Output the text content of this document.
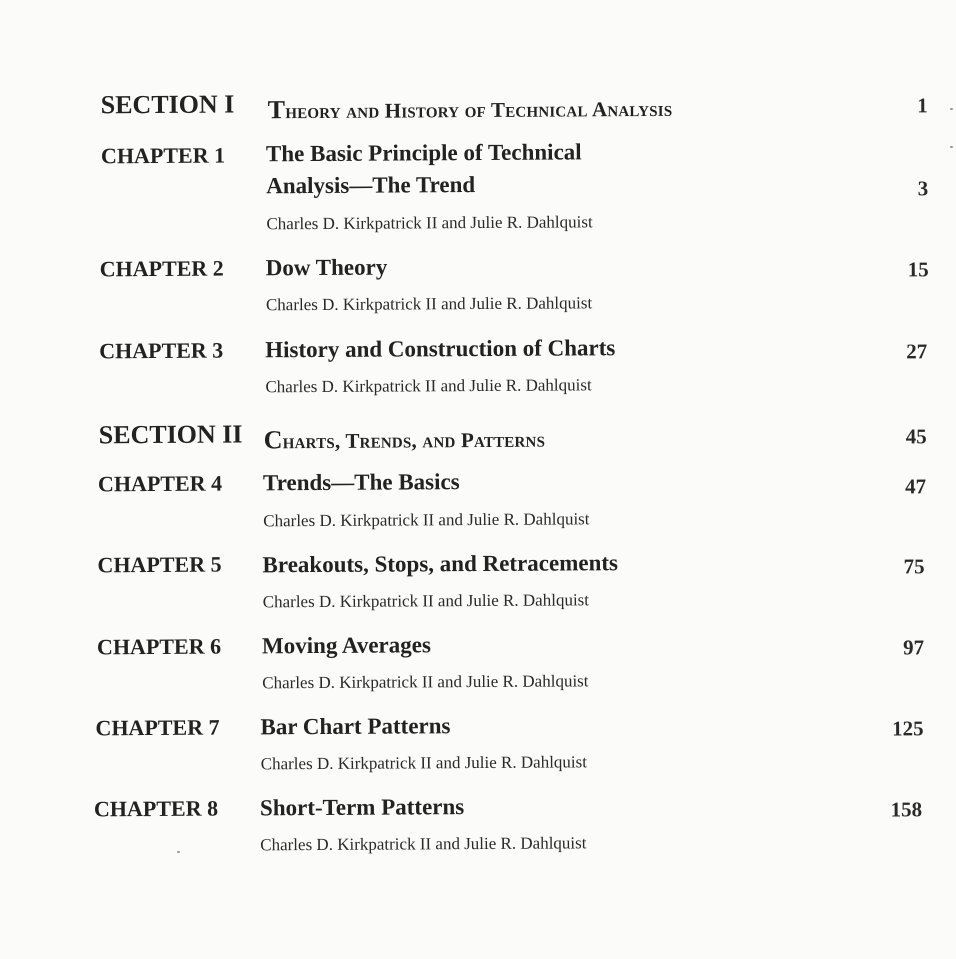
SECTION I Theory and History of Technical Analysis	1
CHAPTER 1 The Basic Principle of Technical
Analysis—The Trend
Charles D. Kirkpatrick II and Julie R. Dahlquist
3
CHAPTER 2 Dow Theory
Charles D. Kirkpatrick II and Julie R. Dahlquist
15
CHAPTER 3 History and Construction of Charts
Charles D. Kirkpatrick II and Julie R. Dahlquist
27
SECTION II Charts, Trends, and Patterns	45
CHAPTER 4 Trends—The Basics
Charles D. Kirkpatrick II and Julie R. Dahlquist
47
CHAPTER 5 Breakouts, Stops, and Retracements
Charles D. Kirkpatrick II and Julie R. Dahlquist
75
CHAPTER 6 Moving Averages
Charles D. Kirkpatrick II and Julie R. Dahlquist
97
CHAPTER 7 Bar Chart Patterns
Charles D. Kirkpatrick II and Julie R. Dahlquist
125
CHAPTER 8 Short-Term Patterns
Charles D. Kirkpatrick II and Julie R. Dahlquist
158
